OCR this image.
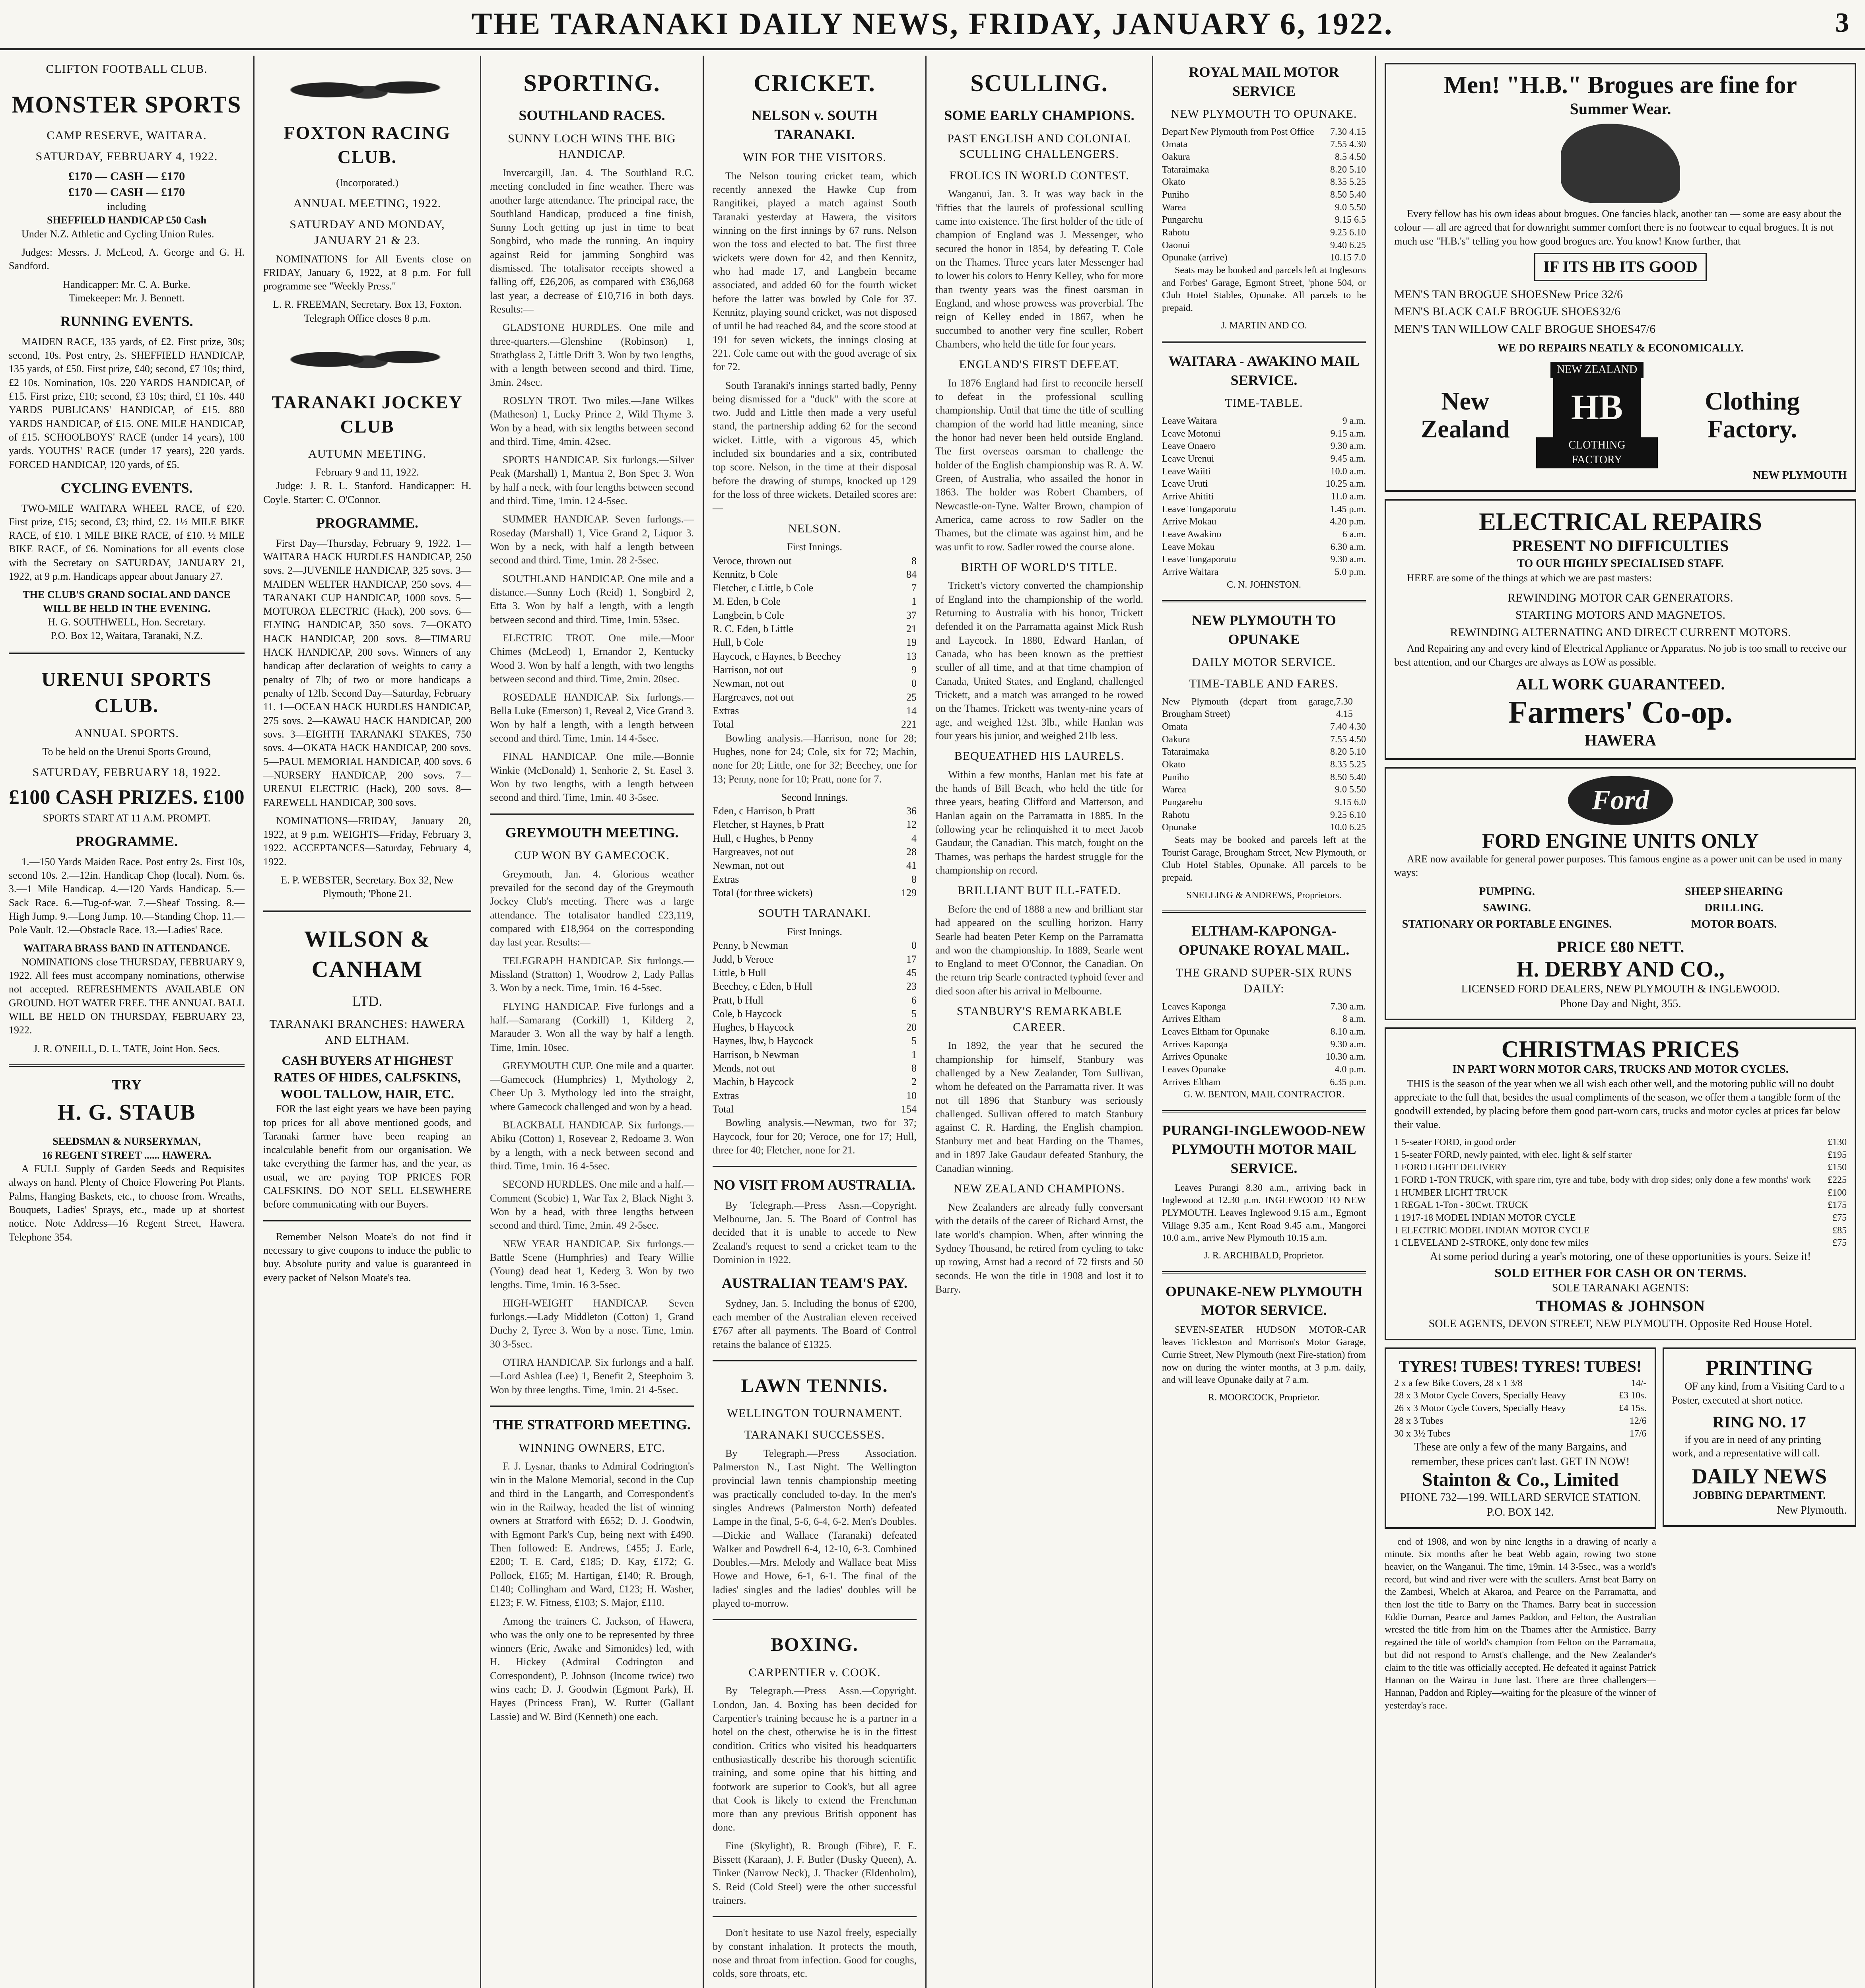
THE TARANAKI DAILY NEWS, FRIDAY, JANUARY 6, 1922.	3
CLIFTON FOOTBALL CLUB.
MONSTER SPORTS
CAMP RESERVE, WAITARA.
SATURDAY, FEBRUARY 4, 1922.
£170 — CASH — £170
£170 — CASH — £170
including
SHEFFIELD HANDICAP £50 Cash

Under N.Z. Athletic and Cycling Union Rules.

Judges: Messrs. J. McLeod, A. George and G. H. Sandford.

Handicapper: Mr. C. A. Burke.
Timekeeper: Mr. J. Bennett.
RUNNING EVENTS.

MAIDEN RACE, 135 yards, of £2. First prize, 30s; second, 10s. Post entry, 2s. SHEFFIELD HANDICAP, 135 yards, of £50. First prize, £40; second, £7 10s; third, £2 10s. Nomination, 10s. 220 YARDS HANDICAP, of £15. First prize, £10; second, £3 10s; third, £1 10s. 440 YARDS PUBLICANS' HANDICAP, of £15. 880 YARDS HANDICAP, of £15. ONE MILE HANDICAP, of £15. SCHOOLBOYS' RACE (under 14 years), 100 yards. YOUTHS' RACE (under 17 years), 220 yards. FORCED HANDICAP, 120 yards, of £5.

CYCLING EVENTS.

TWO-MILE WAITARA WHEEL RACE, of £20. First prize, £15; second, £3; third, £2. 1½ MILE BIKE RACE, of £10. 1 MILE BIKE RACE, of £10. ½ MILE BIKE RACE, of £6. Nominations for all events close with the Secretary on SATURDAY, JANUARY 21, 1922, at 9 p.m. Handicaps appear about January 27.

THE CLUB'S GRAND SOCIAL AND DANCE WILL BE HELD IN THE EVENING.
H. G. SOUTHWELL, Hon. Secretary.
P.O. Box 12, Waitara, Taranaki, N.Z.
URENUI SPORTS CLUB.
ANNUAL SPORTS.
To be held on the Urenui Sports Ground,
SATURDAY, FEBRUARY 18, 1922.
£100 CASH PRIZES. £100
SPORTS START AT 11 A.M. PROMPT.
PROGRAMME.

1.—150 Yards Maiden Race. Post entry 2s. First 10s, second 10s. 2.—12in. Handicap Chop (local). Nom. 6s. 3.—1 Mile Handicap. 4.—120 Yards Handicap. 5.—Sack Race. 6.—Tug-of-war. 7.—Sheaf Tossing. 8.—High Jump. 9.—Long Jump. 10.—Standing Chop. 11.—Pole Vault. 12.—Obstacle Race. 13.—Ladies' Race.

WAITARA BRASS BAND IN ATTENDANCE.

NOMINATIONS close THURSDAY, FEBRUARY 9, 1922. All fees must accompany nominations, otherwise not accepted. REFRESHMENTS AVAILABLE ON GROUND. HOT WATER FREE. THE ANNUAL BALL WILL BE HELD ON THURSDAY, FEBRUARY 23, 1922.

J. R. O'NEILL, D. L. TATE, Joint Hon. Secs.
TRY
H. G. STAUB
SEEDSMAN & NURSERYMAN,
16 REGENT STREET ...... HAWERA.

A FULL Supply of Garden Seeds and Requisites always on hand. Plenty of Choice Flowering Pot Plants. Palms, Hanging Baskets, etc., to choose from. Wreaths, Bouquets, Ladies' Sprays, etc., made up at shortest notice. Note Address—16 Regent Street, Hawera. Telephone 354.

FOXTON RACING CLUB.
(Incorporated.)
ANNUAL MEETING, 1922.
SATURDAY AND MONDAY, JANUARY 21 & 23.

NOMINATIONS for All Events close on FRIDAY, January 6, 1922, at 8 p.m. For full programme see "Weekly Press."

L. R. FREEMAN, Secretary. Box 13, Foxton. Telegraph Office closes 8 p.m.
TARANAKI JOCKEY CLUB
AUTUMN MEETING.
February 9 and 11, 1922.

Judge: J. R. L. Stanford. Handicapper: H. Coyle. Starter: C. O'Connor.

PROGRAMME.

First Day—Thursday, February 9, 1922. 1—WAITARA HACK HURDLES HANDICAP, 250 sovs. 2—JUVENILE HANDICAP, 325 sovs. 3—MAIDEN WELTER HANDICAP, 250 sovs. 4—TARANAKI CUP HANDICAP, 1000 sovs. 5—MOTUROA ELECTRIC (Hack), 200 sovs. 6—FLYING HANDICAP, 350 sovs. 7—OKATO HACK HANDICAP, 200 sovs. 8—TIMARU HACK HANDICAP, 200 sovs. Winners of any handicap after declaration of weights to carry a penalty of 7lb; of two or more handicaps a penalty of 12lb. Second Day—Saturday, February 11. 1—OCEAN HACK HURDLES HANDICAP, 275 sovs. 2—KAWAU HACK HANDICAP, 200 sovs. 3—EIGHTH TARANAKI STAKES, 750 sovs. 4—OKATA HACK HANDICAP, 200 sovs. 5—PAUL MEMORIAL HANDICAP, 400 sovs. 6—NURSERY HANDICAP, 200 sovs. 7—URENUI ELECTRIC (Hack), 200 sovs. 8—FAREWELL HANDICAP, 300 sovs.

NOMINATIONS—FRIDAY, January 20, 1922, at 9 p.m. WEIGHTS—Friday, February 3, 1922. ACCEPTANCES—Saturday, February 4, 1922.

E. P. WEBSTER, Secretary. Box 32, New Plymouth; 'Phone 21.
WILSON & CANHAM
LTD.
TARANAKI BRANCHES: HAWERA AND ELTHAM.
CASH BUYERS AT HIGHEST RATES OF HIDES, CALFSKINS, WOOL TALLOW, HAIR, ETC.

FOR the last eight years we have been paying top prices for all above mentioned goods, and Taranaki farmer have been reaping an incalculable benefit from our organisation. We take everything the farmer has, and the year, as usual, we are paying TOP PRICES FOR CALFSKINS. DO NOT SELL ELSEWHERE before communicating with our Buyers.

Remember Nelson Moate's do not find it necessary to give coupons to induce the public to buy. Absolute purity and value is guaranteed in every packet of Nelson Moate's tea.

SPORTING.
SOUTHLAND RACES.
SUNNY LOCH WINS THE BIG HANDICAP.

Invercargill, Jan. 4. The Southland R.C. meeting concluded in fine weather. There was another large attendance. The principal race, the Southland Handicap, produced a fine finish, Sunny Loch getting up just in time to beat Songbird, who made the running. An inquiry against Reid for jamming Songbird was dismissed. The totalisator receipts showed a falling off, £26,206, as compared with £36,068 last year, a decrease of £10,716 in both days. Results:—

GLADSTONE HURDLES. One mile and three-quarters.—Glenshine (Robinson) 1, Strathglass 2, Little Drift 3. Won by two lengths, with a length between second and third. Time, 3min. 24sec.

ROSLYN TROT. Two miles.—Jane Wilkes (Matheson) 1, Lucky Prince 2, Wild Thyme 3. Won by a head, with six lengths between second and third. Time, 4min. 42sec.

SPORTS HANDICAP. Six furlongs.—Silver Peak (Marshall) 1, Mantua 2, Bon Spec 3. Won by half a neck, with four lengths between second and third. Time, 1min. 12 4-5sec.

SUMMER HANDICAP. Seven furlongs.—Roseday (Marshall) 1, Vice Grand 2, Liquor 3. Won by a neck, with half a length between second and third. Time, 1min. 28 2-5sec.

SOUTHLAND HANDICAP. One mile and a distance.—Sunny Loch (Reid) 1, Songbird 2, Etta 3. Won by half a length, with a length between second and third. Time, 1min. 53sec.

ELECTRIC TROT. One mile.—Moor Chimes (McLeod) 1, Ernandor 2, Kentucky Wood 3. Won by half a length, with two lengths between second and third. Time, 2min. 20sec.

ROSEDALE HANDICAP. Six furlongs.—Bella Luke (Emerson) 1, Reveal 2, Vice Grand 3. Won by half a length, with a length between second and third. Time, 1min. 14 4-5sec.

FINAL HANDICAP. One mile.—Bonnie Winkie (McDonald) 1, Senhorie 2, St. Easel 3. Won by two lengths, with a length between second and third. Time, 1min. 40 3-5sec.

GREYMOUTH MEETING.
CUP WON BY GAMECOCK.

Greymouth, Jan. 4. Glorious weather prevailed for the second day of the Greymouth Jockey Club's meeting. There was a large attendance. The totalisator handled £23,119, compared with £18,964 on the corresponding day last year. Results:—

TELEGRAPH HANDICAP. Six furlongs.—Missland (Stratton) 1, Woodrow 2, Lady Pallas 3. Won by a neck. Time, 1min. 16 4-5sec.

FLYING HANDICAP. Five furlongs and a half.—Samarang (Corkill) 1, Kilderg 2, Marauder 3. Won all the way by half a length. Time, 1min. 10sec.

GREYMOUTH CUP. One mile and a quarter.—Gamecock (Humphries) 1, Mythology 2, Cheer Up 3. Mythology led into the straight, where Gamecock challenged and won by a head.

BLACKBALL HANDICAP. Six furlongs.—Abiku (Cotton) 1, Rosevear 2, Redoame 3. Won by a length, with a neck between second and third. Time, 1min. 16 4-5sec.

SECOND HURDLES. One mile and a half.—Comment (Scobie) 1, War Tax 2, Black Night 3. Won by a head, with three lengths between second and third. Time, 2min. 49 2-5sec.

NEW YEAR HANDICAP. Six furlongs.—Battle Scene (Humphries) and Teary Willie (Young) dead heat 1, Kederg 3. Won by two lengths. Time, 1min. 16 3-5sec.

HIGH-WEIGHT HANDICAP. Seven furlongs.—Lady Middleton (Cotton) 1, Grand Duchy 2, Tyree 3. Won by a nose. Time, 1min. 30 3-5sec.

OTIRA HANDICAP. Six furlongs and a half.—Lord Ashlea (Lee) 1, Benefit 2, Steephoim 3. Won by three lengths. Time, 1min. 21 4-5sec.

THE STRATFORD MEETING.
WINNING OWNERS, ETC.

F. J. Lysnar, thanks to Admiral Codrington's win in the Malone Memorial, second in the Cup and third in the Langarth, and Correspondent's win in the Railway, headed the list of winning owners at Stratford with £652; D. J. Goodwin, with Egmont Park's Cup, being next with £490. Then followed: E. Andrews, £455; J. Earle, £200; T. E. Card, £185; D. Kay, £172; G. Pollock, £165; M. Hartigan, £140; R. Brough, £140; Collingham and Ward, £123; H. Washer, £123; F. W. Fitness, £103; S. Major, £110.

Among the trainers C. Jackson, of Hawera, who was the only one to be represented by three winners (Eric, Awake and Simonides) led, with H. Hickey (Admiral Codrington and Correspondent), P. Johnson (Income twice) two wins each; D. J. Goodwin (Egmont Park), H. Hayes (Princess Fran), W. Rutter (Gallant Lassie) and W. Bird (Kenneth) one each.

CRICKET.
NELSON v. SOUTH TARANAKI.
WIN FOR THE VISITORS.

The Nelson touring cricket team, which recently annexed the Hawke Cup from Rangitikei, played a match against South Taranaki yesterday at Hawera, the visitors winning on the first innings by 67 runs. Nelson won the toss and elected to bat. The first three wickets were down for 42, and then Kennitz, who had made 17, and Langbein became associated, and added 60 for the fourth wicket before the latter was bowled by Cole for 37. Kennitz, playing sound cricket, was not disposed of until he had reached 84, and the score stood at 191 for seven wickets, the innings closing at 221. Cole came out with the good average of six for 72.

South Taranaki's innings started badly, Penny being dismissed for a "duck" with the score at two. Judd and Little then made a very useful stand, the partnership adding 62 for the second wicket. Little, with a vigorous 45, which included six boundaries and a six, contributed top score. Nelson, in the time at their disposal before the drawing of stumps, knocked up 129 for the loss of three wickets. Detailed scores are:—

NELSON.
First Innings.
Veroce, thrown out	8
Kennitz, b Cole	84
Fletcher, c Little, b Cole	7
M. Eden, b Cole	1
Langbein, b Cole	37
R. C. Eden, b Little	21
Hull, b Cole	19
Haycock, c Haynes, b Beechey	13
Harrison, not out	9
Newman, not out	0
Hargreaves, not out	25
Extras	14
Total	221

Bowling analysis.—Harrison, none for 28; Hughes, none for 24; Cole, six for 72; Machin, none for 20; Little, one for 32; Beechey, one for 13; Penny, none for 10; Pratt, none for 7.

Second Innings.
Eden, c Harrison, b Pratt	36
Fletcher, st Haynes, b Pratt	12
Hull, c Hughes, b Penny	4
Hargreaves, not out	28
Newman, not out	41
Extras	8
Total (for three wickets)	129
SOUTH TARANAKI.
First Innings.
Penny, b Newman	0
Judd, b Veroce	17
Little, b Hull	45
Beechey, c Eden, b Hull	23
Pratt, b Hull	6
Cole, b Haycock	5
Hughes, b Haycock	20
Haynes, lbw, b Haycock	5
Harrison, b Newman	1
Mends, not out	8
Machin, b Haycock	2
Extras	10
Total	154

Bowling analysis.—Newman, two for 37; Haycock, four for 20; Veroce, one for 17; Hull, three for 40; Fletcher, none for 21.

NO VISIT FROM AUSTRALIA.

By Telegraph.—Press Assn.—Copyright. Melbourne, Jan. 5. The Board of Control has decided that it is unable to accede to New Zealand's request to send a cricket team to the Dominion in 1922.

AUSTRALIAN TEAM'S PAY.

Sydney, Jan. 5. Including the bonus of £200, each member of the Australian eleven received £767 after all payments. The Board of Control retains the balance of £1325.

LAWN TENNIS.
WELLINGTON TOURNAMENT.
TARANAKI SUCCESSES.

By Telegraph.—Press Association. Palmerston N., Last Night. The Wellington provincial lawn tennis championship meeting was practically concluded to-day. In the men's singles Andrews (Palmerston North) defeated Lampe in the final, 5-6, 6-4, 6-2. Men's Doubles.—Dickie and Wallace (Taranaki) defeated Walker and Powdrell 6-4, 12-10, 6-3. Combined Doubles.—Mrs. Melody and Wallace beat Miss Howe and Howe, 6-1, 6-1. The final of the ladies' singles and the ladies' doubles will be played to-morrow.

BOXING.
CARPENTIER v. COOK.

By Telegraph.—Press Assn.—Copyright. London, Jan. 4. Boxing has been decided for Carpentier's training because he is a partner in a hotel on the chest, otherwise he is in the fittest condition. Critics who visited his headquarters enthusiastically describe his thorough scientific training, and some opine that his hitting and footwork are superior to Cook's, but all agree that Cook is likely to extend the Frenchman more than any previous British opponent has done.

Fine (Skylight), R. Brough (Fibre), F. E. Bissett (Karaan), J. F. Butler (Dusky Queen), A. Tinker (Narrow Neck), J. Thacker (Eldenholm), S. Reid (Cold Steel) were the other successful trainers.

Don't hesitate to use Nazol freely, especially by constant inhalation. It protects the mouth, nose and throat from infection. Good for coughs, colds, sore throats, etc.

SCULLING.
SOME EARLY CHAMPIONS.
PAST ENGLISH AND COLONIAL SCULLING CHALLENGERS.
FROLICS IN WORLD CONTEST.

Wanganui, Jan. 3. It was way back in the 'fifties that the laurels of professional sculling came into existence. The first holder of the title of champion of England was J. Messenger, who secured the honor in 1854, by defeating T. Cole on the Thames. Three years later Messenger had to lower his colors to Henry Kelley, who for more than twenty years was the finest oarsman in England, and whose prowess was proverbial. The reign of Kelley ended in 1867, when he succumbed to another very fine sculler, Robert Chambers, who held the title for four years.

ENGLAND'S FIRST DEFEAT.

In 1876 England had first to reconcile herself to defeat in the professional sculling championship. Until that time the title of sculling champion of the world had little meaning, since the honor had never been held outside England. The first overseas oarsman to challenge the holder of the English championship was R. A. W. Green, of Australia, who assailed the honor in 1863. The holder was Robert Chambers, of Newcastle-on-Tyne. Walter Brown, champion of America, came across to row Sadler on the Thames, but the climate was against him, and he was unfit to row. Sadler rowed the course alone.

BIRTH OF WORLD'S TITLE.

Trickett's victory converted the championship of England into the championship of the world. Returning to Australia with his honor, Trickett defended it on the Parramatta against Mick Rush and Laycock. In 1880, Edward Hanlan, of Canada, who has been known as the prettiest sculler of all time, and at that time champion of Canada, United States, and England, challenged Trickett, and a match was arranged to be rowed on the Thames. Trickett was twenty-nine years of age, and weighed 12st. 3lb., while Hanlan was four years his junior, and weighed 21lb less.

BEQUEATHED HIS LAURELS.

Within a few months, Hanlan met his fate at the hands of Bill Beach, who held the title for three years, beating Clifford and Matterson, and Hanlan again on the Parramatta in 1885. In the following year he relinquished it to meet Jacob Gaudaur, the Canadian. This match, fought on the Thames, was perhaps the hardest struggle for the championship on record.

BRILLIANT BUT ILL-FATED.

Before the end of 1888 a new and brilliant star had appeared on the sculling horizon. Harry Searle had beaten Peter Kemp on the Parramatta and won the championship. In 1889, Searle went to England to meet O'Connor, the Canadian. On the return trip Searle contracted typhoid fever and died soon after his arrival in Melbourne.

STANBURY'S REMARKABLE CAREER.

In 1892, the year that he secured the championship for himself, Stanbury was challenged by a New Zealander, Tom Sullivan, whom he defeated on the Parramatta river. It was not till 1896 that Stanbury was seriously challenged. Sullivan offered to match Stanbury against C. R. Harding, the English champion. Stanbury met and beat Harding on the Thames, and in 1897 Jake Gaudaur defeated Stanbury, the Canadian winning.

NEW ZEALAND CHAMPIONS.

New Zealanders are already fully conversant with the details of the career of Richard Arnst, the late world's champion. When, after winning the Sydney Thousand, he retired from cycling to take up rowing, Arnst had a record of 72 firsts and 50 seconds. He won the title in 1908 and lost it to Barry.

ROYAL MAIL MOTOR SERVICE
NEW PLYMOUTH TO OPUNAKE.
Depart New Plymouth from Post Office 7.30 4.15
Omata	7.55 4.30
Oakura	8.5 4.50
Tataraimaka	8.20 5.10
Okato	8.35 5.25
Puniho	8.50 5.40
Warea	9.0 5.50
Pungarehu	9.15 6.5
Rahotu	9.25 6.10
Oaonui	9.40 6.25
Opunake (arrive)	10.15 7.0

Seats may be booked and parcels left at Inglesons and Forbes' Garage, Egmont Street, 'phone 504, or Club Hotel Stables, Opunake. All parcels to be prepaid.

J. MARTIN AND CO.
WAITARA - AWAKINO MAIL SERVICE.
TIME-TABLE.
Leave Waitara	9 a.m.
Leave Motonui	9.15 a.m.
Leave Onaero	9.30 a.m.
Leave Urenui	9.45 a.m.
Leave Waiiti	10.0 a.m.
Leave Uruti	10.25 a.m.
Arrive Ahititi	11.0 a.m.
Leave Tongaporutu	1.45 p.m.
Arrive Mokau	4.20 p.m.
Leave Awakino	6 a.m.
Leave Mokau	6.30 a.m.
Leave Tongaporutu	9.30 a.m.
Arrive Waitara	5.0 p.m.
C. N. JOHNSTON.
NEW PLYMOUTH TO OPUNAKE
DAILY MOTOR SERVICE.
TIME-TABLE AND FARES.
New Plymouth (depart from garage, Brougham Street)
7.30 4.15
Omata	7.40 4.30
Oakura	7.55 4.50
Tataraimaka	8.20 5.10
Okato	8.35 5.25
Puniho	8.50 5.40
Warea	9.0 5.50
Pungarehu	9.15 6.0
Rahotu	9.25 6.10
Opunake	10.0 6.25

Seats may be booked and parcels left at the Tourist Garage, Brougham Street, New Plymouth, or Club Hotel Stables, Opunake. All parcels to be prepaid.

SNELLING & ANDREWS, Proprietors.
ELTHAM-KAPONGA-OPUNAKE ROYAL MAIL.
THE GRAND SUPER-SIX RUNS DAILY:
Leaves Kaponga	7.30 a.m.
Arrives Eltham	8 a.m.
Leaves Eltham for Opunake	8.10 a.m.
Arrives Kaponga	9.30 a.m.
Arrives Opunake	10.30 a.m.
Leaves Opunake	4.0 p.m.
Arrives Eltham	6.35 p.m.
G. W. BENTON, MAIL CONTRACTOR.
PURANGI-INGLEWOOD-NEW PLYMOUTH MOTOR MAIL SERVICE.

Leaves Purangi 8.30 a.m., arriving back in Inglewood at 12.30 p.m. INGLEWOOD TO NEW PLYMOUTH. Leaves Inglewood 9.15 a.m., Egmont Village 9.35 a.m., Kent Road 9.45 a.m., Mangorei 10.0 a.m., arrive New Plymouth 10.15 a.m.

J. R. ARCHIBALD, Proprietor.
OPUNAKE-NEW PLYMOUTH MOTOR SERVICE.

SEVEN-SEATER HUDSON MOTOR-CAR leaves Tickleston and Morrison's Motor Garage, Currie Street, New Plymouth (next Fire-station) from now on during the winter months, at 3 p.m. daily, and will leave Opunake daily at 7 a.m.

R. MOORCOCK, Proprietor.
Men! "H.B." Brogues are fine for
Summer Wear.

Every fellow has his own ideas about brogues. One fancies black, another tan — some are easy about the colour — all are agreed that for downright summer comfort there is no footwear to equal brogues. It is not much use "H.B.'s" telling you how good brogues are. You know! Know further, that

IF ITS HB ITS GOOD
MEN'S TAN BROGUE SHOESNew Price 32/6
MEN'S BLACK CALF BROGUE SHOES32/6
MEN'S TAN WILLOW CALF BROGUE SHOES47/6
WE DO REPAIRS NEATLY & ECONOMICALLY.
New Zealand
NEW ZEALAND
HB
CLOTHING FACTORY
Clothing Factory.
NEW PLYMOUTH
ELECTRICAL REPAIRS
PRESENT NO DIFFICULTIES
TO OUR HIGHLY SPECIALISED STAFF.

HERE are some of the things at which we are past masters:

REWINDING MOTOR CAR GENERATORS.
STARTING MOTORS AND MAGNETOS.
REWINDING ALTERNATING AND DIRECT CURRENT MOTORS.

And Repairing any and every kind of Electrical Appliance or Apparatus. No job is too small to receive our best attention, and our Charges are always as LOW as possible.

ALL WORK GUARANTEED.
Farmers' Co-op.
HAWERA
Ford
FORD ENGINE UNITS ONLY

ARE now available for general power purposes. This famous engine as a power unit can be used in many ways:

PUMPING.	SHEEP SHEARING
SAWING.	DRILLING.
STATIONARY OR PORTABLE ENGINES.	MOTOR BOATS.
PRICE £80 NETT.
H. DERBY AND CO.,
LICENSED FORD DEALERS, NEW PLYMOUTH & INGLEWOOD.
Phone Day and Night, 355.
CHRISTMAS PRICES
IN PART WORN MOTOR CARS, TRUCKS AND MOTOR CYCLES.

THIS is the season of the year when we all wish each other well, and the motoring public will no doubt appreciate to the full that, besides the usual compliments of the season, we offer them a tangible form of the goodwill extended, by placing before them good part-worn cars, trucks and motor cycles at prices far below their value.

1 5-seater FORD, in good order	£130
1 5-seater FORD, newly painted, with elec. light & self starter	£195
1 FORD LIGHT DELIVERY	£150
1 FORD 1-TON TRUCK, with spare rim, tyre and tube, body with drop sides; only done a few months' work £225
1 HUMBER LIGHT TRUCK	£100
1 REGAL 1-Ton - 30Cwt. TRUCK	£175
1 1917-18 MODEL INDIAN MOTOR CYCLE	£75
1 ELECTRIC MODEL INDIAN MOTOR CYCLE	£85
1 CLEVELAND 2-STROKE, only done few miles	£75
At some period during a year's motoring, one of these opportunities is yours. Seize it!
SOLD EITHER FOR CASH OR ON TERMS.
SOLE TARANAKI AGENTS:
THOMAS & JOHNSON
SOLE AGENTS, DEVON STREET, NEW PLYMOUTH. Opposite Red House Hotel.
TYRES! TUBES! TYRES! TUBES!
2 x a few Bike Covers, 28 x 1 3/8	14/-
28 x 3 Motor Cycle Covers, Specially Heavy	£3 10s.
26 x 3 Motor Cycle Covers, Specially Heavy	£4 15s.
28 x 3 Tubes	12/6
30 x 3½ Tubes	17/6
These are only a few of the many Bargains, and remember, these prices can't last. GET IN NOW!
Stainton & Co., Limited
PHONE 732—199. WILLARD SERVICE STATION. P.O. BOX 142.

end of 1908, and won by nine lengths in a drawing of nearly a minute. Six months after he beat Webb again, rowing two stone heavier, on the Wanganui. The time, 19min. 14 3-5sec., was a world's record, but wind and river were with the scullers. Arnst beat Barry on the Zambesi, Whelch at Akaroa, and Pearce on the Parramatta, and then lost the title to Barry on the Thames. Barry beat in succession Eddie Durnan, Pearce and James Paddon, and Felton, the Australian wrested the title from him on the Thames after the Armistice. Barry regained the title of world's champion from Felton on the Parramatta, but did not respond to Arnst's challenge, and the New Zealander's claim to the title was officially accepted. He defeated it against Patrick Hannan on the Wairau in June last. There are three challengers—Hannan, Paddon and Ripley—waiting for the pleasure of the winner of yesterday's race.

PRINTING

OF any kind, from a Visiting Card to a Poster, executed at short notice.

RING NO. 17

if you are in need of any printing work, and a representative will call.

DAILY NEWS
JOBBING DEPARTMENT.
New Plymouth.
